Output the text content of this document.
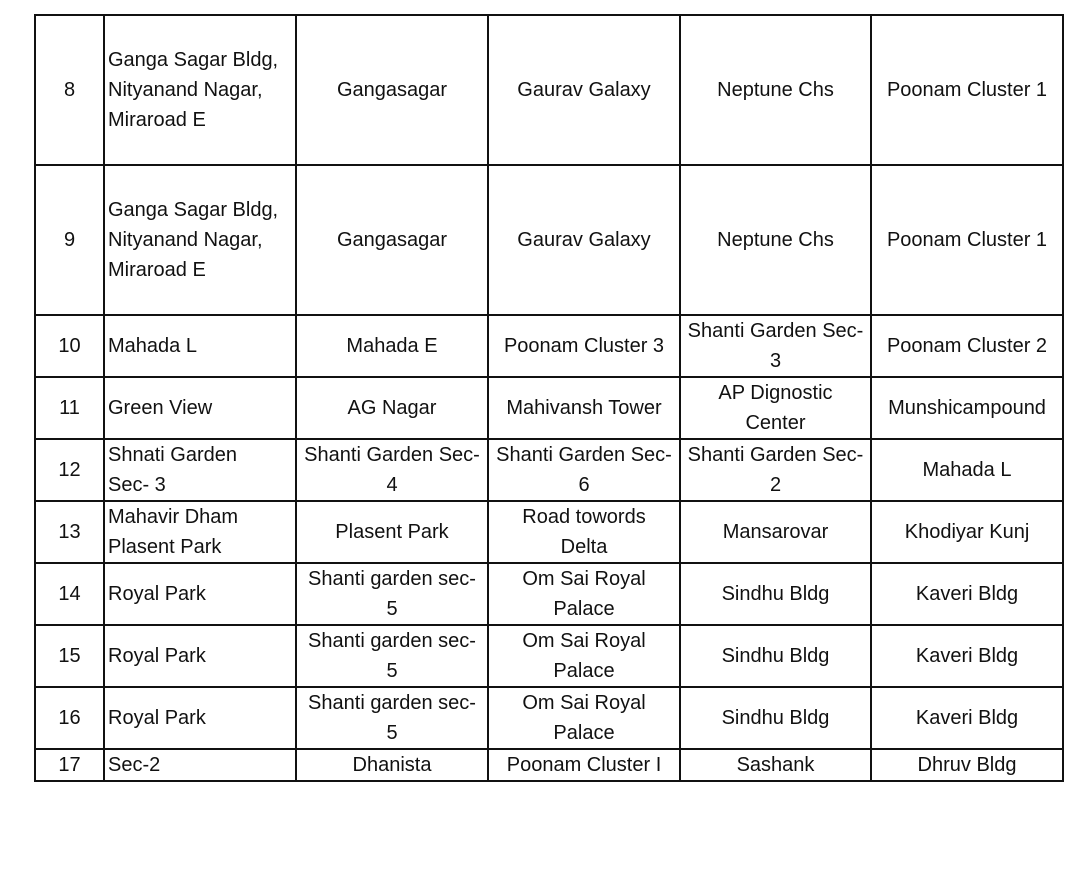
8	Ganga Sagar Bldg,
Nityanand Nagar,
Miraroad E	Gangasagar	Gaurav Galaxy	Neptune Chs	Poonam Cluster 1

9	Ganga Sagar Bldg,
Nityanand Nagar,
Miraroad E	Gangasagar	Gaurav Galaxy	Neptune Chs	Poonam Cluster 1

10	Mahada L	Mahada E	Poonam Cluster 3	Shanti Garden Sec-
3	Poonam Cluster 2

11	Green View	AG Nagar	Mahivansh Tower	AP Dignostic
Center	Munshicampound

12	Shnati Garden
Sec- 3	Shanti Garden Sec-
4	Shanti Garden Sec-
6	Shanti Garden Sec-
2	Mahada L

13	Mahavir Dham
Plasent Park	Plasent Park	Road towords
Delta	Mansarovar	Khodiyar Kunj

14	Royal Park	Shanti garden sec-
5	Om Sai Royal
Palace	Sindhu Bldg	Kaveri Bldg

15	Royal Park	Shanti garden sec-
5	Om Sai Royal
Palace	Sindhu Bldg	Kaveri Bldg

16	Royal Park	Shanti garden sec-
5	Om Sai Royal
Palace	Sindhu Bldg	Kaveri Bldg

17	Sec-2	Dhanista	Poonam Cluster I	Sashank	Dhruv Bldg
